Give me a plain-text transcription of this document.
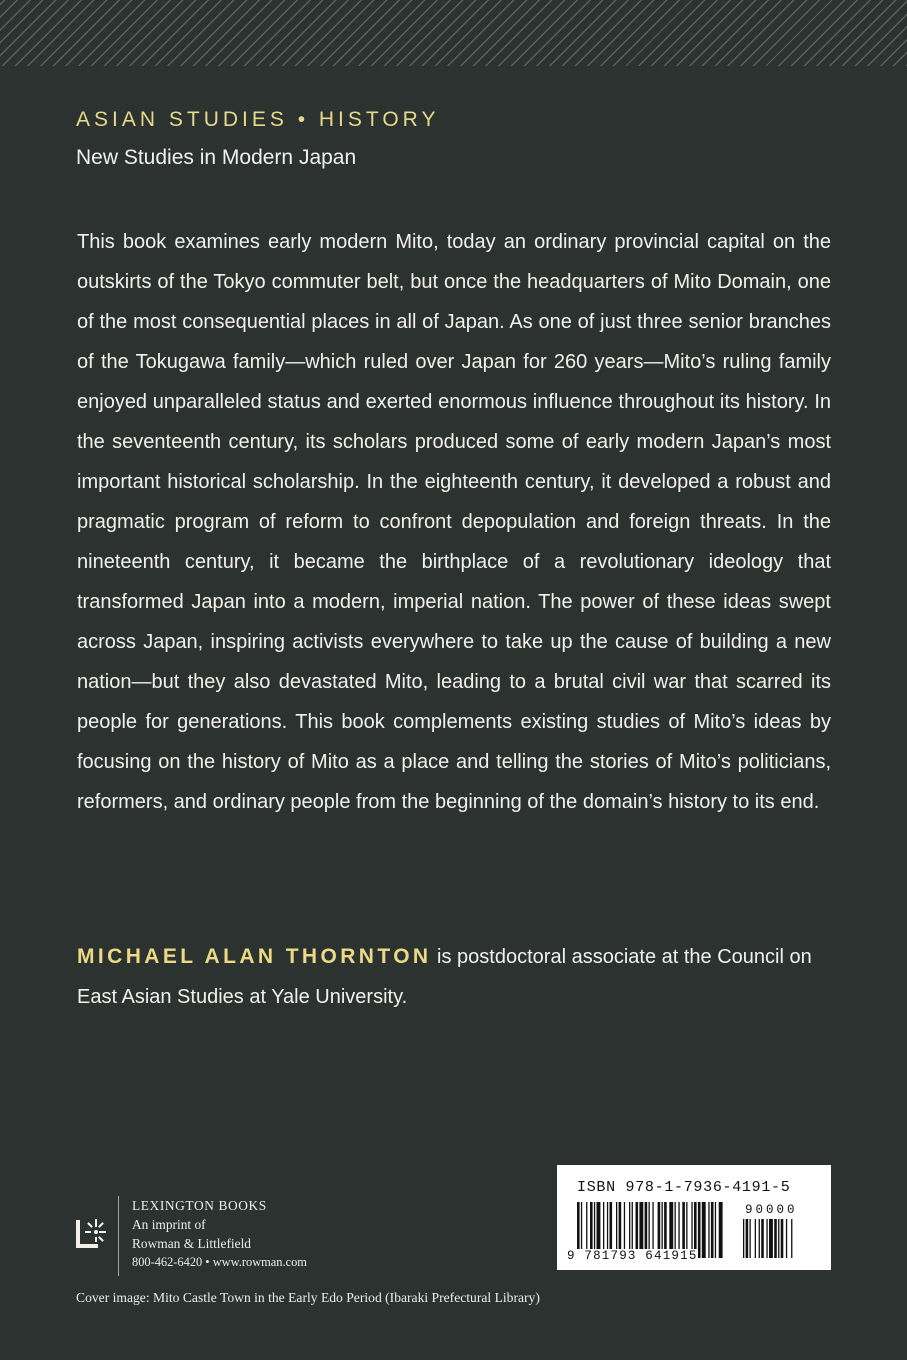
ASIAN STUDIES • HISTORY
New Studies in Modern Japan

This book examines early modern Mito, today an ordinary provincial capital on the outskirts of the Tokyo commuter belt, but once the headquarters of Mito Domain, one of the most consequential places in all of Japan. As one of just three senior branches of the Tokugawa family—which ruled over Japan for 260 years—Mito’s ruling family enjoyed unparalleled status and exerted enormous influence throughout its history. In the seventeenth century, its scholars produced some of early modern Japan’s most important historical scholarship. In the eighteenth century, it developed a robust and pragmatic program of reform to confront depopulation and foreign threats. In the nineteenth century, it became the birthplace of a revolutionary ideology that transformed Japan into a modern, imperial nation. The power of these ideas swept across Japan, inspiring activists everywhere to take up the cause of building a new nation—but they also devastated Mito, leading to a brutal civil war that scarred its people for generations. This book complements existing studies of Mito’s ideas by focusing on the history of Mito as a place and telling the stories of Mito’s politicians, reformers, and ordinary people from the beginning of the domain’s history to its end.

MICHAEL ALAN THORNTON is postdoctoral associate at the Council on East Asian Studies at Yale University.

LEXINGTON BOOKS
An imprint of
Rowman & Littlefield
800-462-6420 • www.rowman.com
Cover image: Mito Castle Town in the Early Edo Period (Ibaraki Prefectural Library)
ISBN 978-1-7936-4191-5
90000
9 781793 641915
